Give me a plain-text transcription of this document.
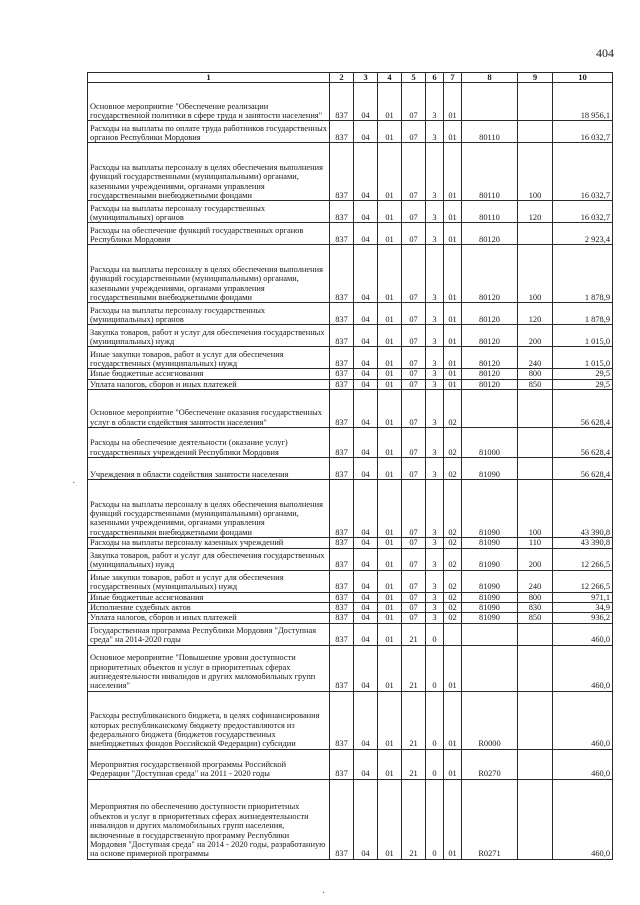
404
1	2	3	4	5	6	7	8	9	10
Основное мероприятие "Обеспечение реализации государственной политики в сфере труда и занятости населения"	837	04	01	07	3	01			18 956,1
Расходы на выплаты по оплате труда работников государственных органов Республики Мордовия	837	04	01	07	3	01	80110		16 032,7
Расходы на выплаты персоналу в целях обеспечения выполнения функций государственными (муниципальными) органами, казенными учреждениями, органами управления государственными внебюджетными фондами	837	04	01	07	3	01	80110	100	16 032,7
Расходы на выплаты персоналу государственных (муниципальных) органов	837	04	01	07	3	01	80110	120	16 032,7
Расходы на обеспечение функций государственных органов Республики Мордовия	837	04	01	07	3	01	80120		2 923,4
Расходы на выплаты персоналу в целях обеспечения выполнения функций государственными (муниципальными) органами, казенными учреждениями, органами управления государственными внебюджетными фондами	837	04	01	07	3	01	80120	100	1 878,9
Расходы на выплаты персоналу государственных (муниципальных) органов	837	04	01	07	3	01	80120	120	1 878,9
Закупка товаров, работ и услуг для обеспечения государственных (муниципальных) нужд	837	04	01	07	3	01	80120	200	1 015,0
Иные закупки товаров, работ и услуг для обеспечения государственных (муниципальных) нужд	837	04	01	07	3	01	80120	240	1 015,0
Иные бюджетные ассигнования	837	04	01	07	3	01	80120	800	29,5
Уплата налогов, сборов и иных платежей	837	04	01	07	3	01	80120	850	29,5
Основное мероприятие "Обеспечение оказания государственных услуг в области содействия занятости населения"	837	04	01	07	3	02			56 628,4
Расходы на обеспечение деятельности (оказание услуг) государственных учреждений Республики Мордовия	837	04	01	07	3	02	81000		56 628,4
Учреждения в области содействия занятости населения	837	04	01	07	3	02	81090		56 628,4
Расходы на выплаты персоналу в целях обеспечения выполнения функций государственными (муниципальными) органами, казенными учреждениями, органами управления государственными внебюджетными фондами	837	04	01	07	3	02	81090	100	43 390,8
Расходы на выплаты персоналу казенных учреждений	837	04	01	07	3	02	81090	110	43 390,8
Закупка товаров, работ и услуг для обеспечения государственных (муниципальных) нужд	837	04	01	07	3	02	81090	200	12 266,5
Иные закупки товаров, работ и услуг для обеспечения государственных (муниципальных) нужд	837	04	01	07	3	02	81090	240	12 266,5
Иные бюджетные ассигнования	837	04	01	07	3	02	81090	800	971,1
Исполнение судебных актов	837	04	01	07	3	02	81090	830	34,9
Уплата налогов, сборов и иных платежей	837	04	01	07	3	02	81090	850	936,2
Государственная программа Республики Мордовия "Доступная среда" на 2014-2020 годы	837	04	01	21	0				460,0
Основное мероприятие "Повышение уровня доступности приоритетных объектов и услуг в приоритетных сферах жизнедеятельности инвалидов и других маломобильных групп населения"	837	04	01	21	0	01			460,0
Расходы республиканского бюджета, в целях софинансирования которых республиканскому бюджету предоставляются из федерального бюджета (бюджетов государственных внебюджетных фондов Российской Федерации) субсидии	837	04	01	21	0	01	R0000		460,0
Мероприятия государственной программы Российской Федерации "Доступная среда" на 2011 - 2020 годы	837	04	01	21	0	01	R0270		460,0
Мероприятия по обеспечению доступности приоритетных объектов и услуг в приоритетных сферах жизнедеятельности инвалидов и других маломобильных групп населения, включенные в государственную программу Республики Мордовия "Доступная среда" на 2014 - 2020 годы, разработанную на основе примерной программы	837	04	01	21	0	01	R0271		460,0
·
·
